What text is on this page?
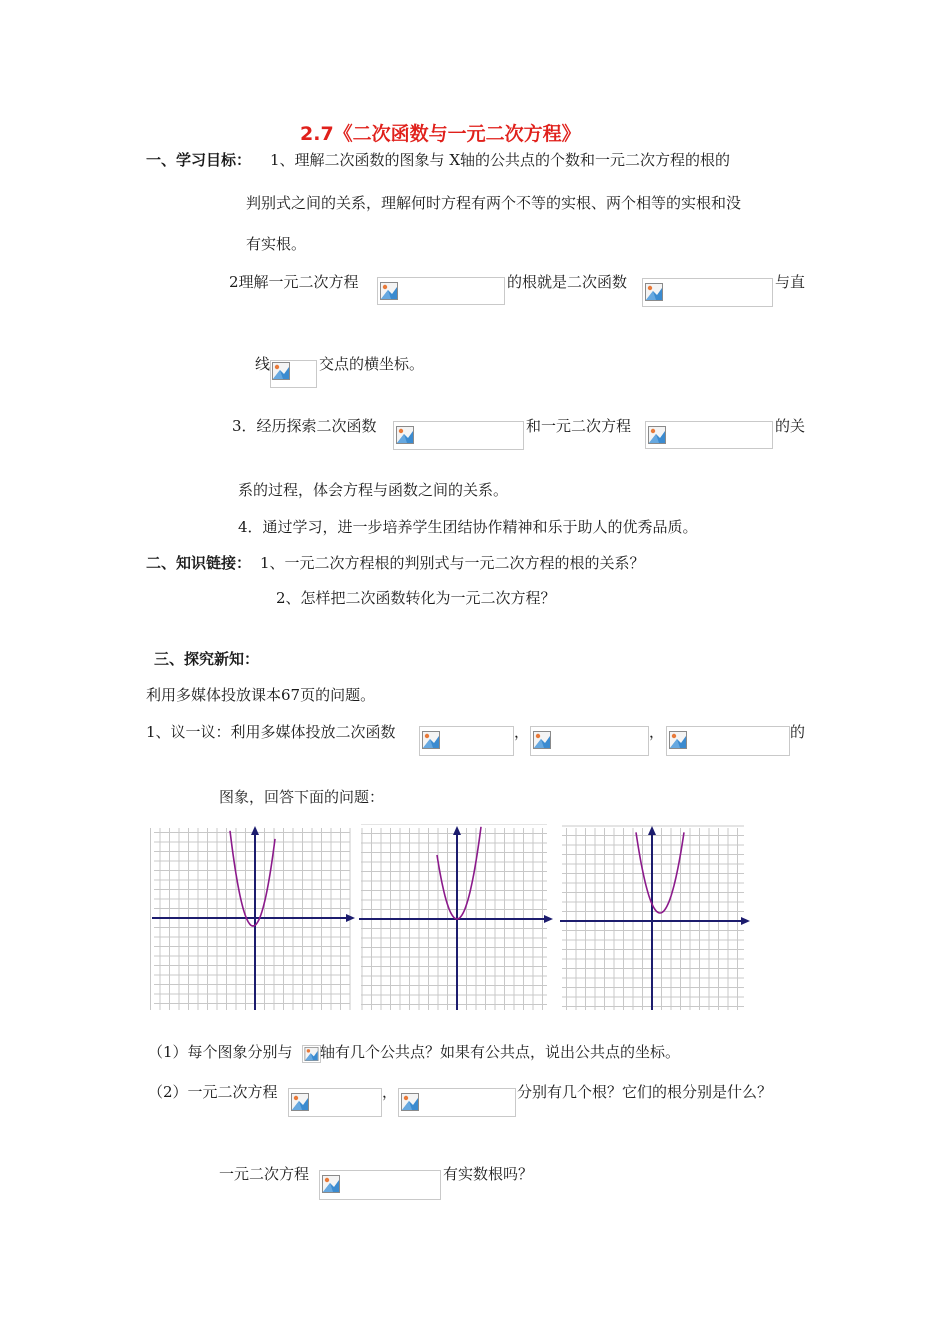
2.7《二次函数与一元二次方程》
一、学习目标： 1、理解二次函数的图象与 X轴的公共点的个数和一元二次方程的根的
判别式之间的关系，理解何时方程有两个不等的实根、两个相等的实根和没
有实根。
2理解一元二次方程	的根就是二次函数	与直
线	交点的横坐标。
3．经历探索二次函数	和一元二次方程	的关
系的过程，体会方程与函数之间的关系。
4．通过学习，进一步培养学生团结协作精神和乐于助人的优秀品质。
二、知识链接： 1、一元二次方程根的判别式与一元二次方程的根的关系？
2、怎样把二次函数转化为一元二次方程？
三、探究新知：
利用多媒体投放课本67页的问题。
1、议一议：利用多媒体投放二次函数	，	，	的
图象，回答下面的问题：
（1）每个图象分别与 轴有几个公共点？如果有公共点，说出公共点的坐标。
（2）一元二次方程	，	分别有几个根？它们的根分别是什么？
一元二次方程	有实数根吗？
